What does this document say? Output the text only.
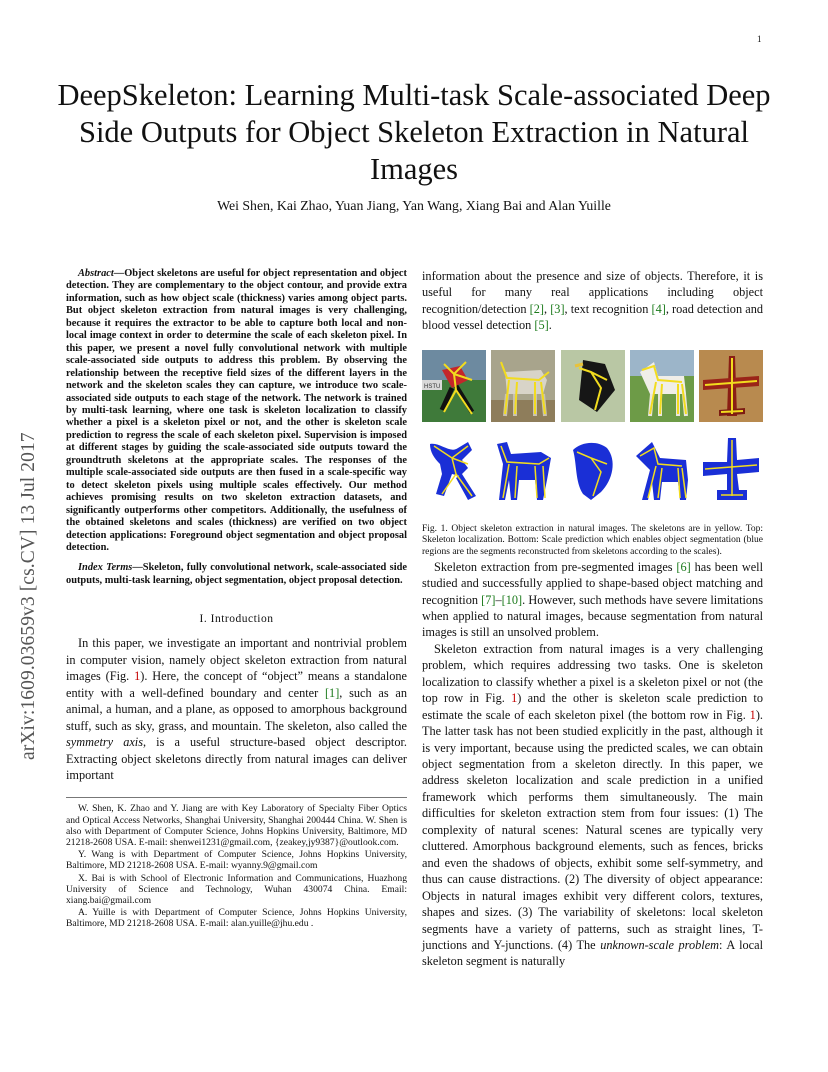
1
arXiv:1609.03659v3 [cs.CV] 13 Jul 2017
DeepSkeleton: Learning Multi-task Scale-associated Deep Side Outputs for Object Skeleton Extraction in Natural Images
Wei Shen, Kai Zhao, Yuan Jiang, Yan Wang, Xiang Bai and Alan Yuille

Abstract—Object skeletons are useful for object representation and object detection. They are complementary to the object contour, and provide extra information, such as how object scale (thickness) varies among object parts. But object skeleton extraction from natural images is very challenging, because it requires the extractor to be able to capture both local and non-local image context in order to determine the scale of each skeleton pixel. In this paper, we present a novel fully convolutional network with multiple scale-associated side outputs to address this problem. By observing the relationship between the receptive field sizes of the different layers in the network and the skeleton scales they can capture, we introduce two scale-associated side outputs to each stage of the network. The network is trained by multi-task learning, where one task is skeleton localization to classify whether a pixel is a skeleton pixel or not, and the other is skeleton scale prediction to regress the scale of each skeleton pixel. Supervision is imposed at different stages by guiding the scale-associated side outputs toward the groundtruth skeletons at the appropriate scales. The responses of the multiple scale-associated side outputs are then fused in a scale-specific way to detect skeleton pixels using multiple scales effectively. Our method achieves promising results on two skeleton extraction datasets, and significantly outperforms other competitors. Additionally, the usefulness of the obtained skeletons and scales (thickness) are verified on two object detection applications: Foreground object segmentation and object proposal detection.

Index Terms—Skeleton, fully convolutional network, scale-associated side outputs, multi-task learning, object segmentation, object proposal detection.

I. Introduction

In this paper, we investigate an important and nontrivial problem in computer vision, namely object skeleton extraction from natural images (Fig. 1). Here, the concept of “object” means a standalone entity with a well-defined boundary and center [1], such as an animal, a human, and a plane, as opposed to amorphous background stuff, such as sky, grass, and mountain. The skeleton, also called the symmetry axis, is a useful structure-based object descriptor. Extracting object skeletons directly from natural images can deliver important

W. Shen, K. Zhao and Y. Jiang are with Key Laboratory of Specialty Fiber Optics and Optical Access Networks, Shanghai University, Shanghai 200444 China. W. Shen is also with Department of Computer Science, Johns Hopkins University, Baltimore, MD 21218-2608 USA. E-mail: shenwei1231@gmail.com, {zeakey,jy9387}@outlook.com.

Y. Wang is with Department of Computer Science, Johns Hopkins University, Baltimore, MD 21218-2608 USA. E-mail: wyanny.9@gmail.com

X. Bai is with School of Electronic Information and Communications, Huazhong University of Science and Technology, Wuhan 430074 China. Email: xiang.bai@gmail.com

A. Yuille is with Department of Computer Science, Johns Hopkins University, Baltimore, MD 21218-2608 USA. E-mail: alan.yuille@jhu.edu .

information about the presence and size of objects. Therefore, it is useful for many real applications including object recognition/detection [2], [3], text recognition [4], road detection and blood vessel detection [5].

HSTU

Fig. 1. Object skeleton extraction in natural images. The skeletons are in yellow. Top: Skeleton localization. Bottom: Scale prediction which enables object segmentation (blue regions are the segments reconstructed from skeletons according to the scales).

Skeleton extraction from pre-segmented images [6] has been well studied and successfully applied to shape-based object matching and recognition [7]–[10]. However, such methods have severe limitations when applied to natural images, because segmentation from natural images is still an unsolved problem.

Skeleton extraction from natural images is a very challenging problem, which requires addressing two tasks. One is skeleton localization to classify whether a pixel is a skeleton pixel or not (the top row in Fig. 1) and the other is skeleton scale prediction to estimate the scale of each skeleton pixel (the bottom row in Fig. 1). The latter task has not been studied explicitly in the past, although it is very important, because using the predicted scales, we can obtain object segmentation from a skeleton directly. In this paper, we address skeleton localization and scale prediction in a unified framework which performs them simultaneously. The main difficulties for skeleton extraction stem from four issues: (1) The complexity of natural scenes: Natural scenes are typically very cluttered. Amorphous background elements, such as fences, bricks and even the shadows of objects, exhibit some self-symmetry, and thus can cause distractions. (2) The diversity of object appearance: Objects in natural images exhibit very different colors, textures, shapes and sizes. (3) The variability of skeletons: local skeleton segments have a variety of patterns, such as straight lines, T-junctions and Y-junctions. (4) The unknown-scale problem: A local skeleton segment is naturally
